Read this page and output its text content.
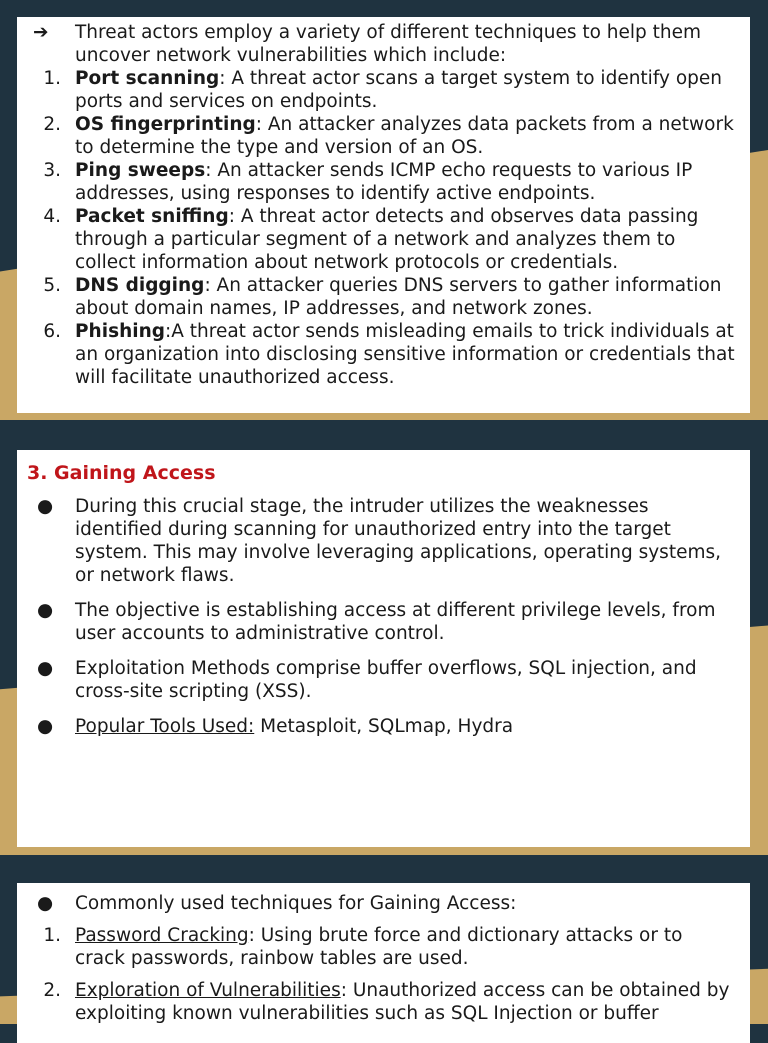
➔	Threat actors employ a variety of different techniques to help them uncover network vulnerabilities which include:
1. Port scanning: A threat actor scans a target system to identify open ports and services on endpoints.
2. OS fingerprinting: An attacker analyzes data packets from a network to determine the type and version of an OS.
3. Ping sweeps: An attacker sends ICMP echo requests to various IP addresses, using responses to identify active endpoints.
4. Packet sniffing: A threat actor detects and observes data passing through a particular segment of a network and analyzes them to collect information about network protocols or credentials.
5. DNS digging: An attacker queries DNS servers to gather information about domain names, IP addresses, and network zones.
6. Phishing:A threat actor sends misleading emails to trick individuals at an organization into disclosing sensitive information or credentials that will facilitate unauthorized access.
3. Gaining Access
●	During this crucial stage, the intruder utilizes the weaknesses identified during scanning for unauthorized entry into the target system. This may involve leveraging applications, operating systems, or network flaws.
●	The objective is establishing access at different privilege levels, from user accounts to administrative control.
●	Exploitation Methods comprise buffer overflows, SQL injection, and cross-site scripting (XSS).
●	Popular Tools Used: Metasploit, SQLmap, Hydra
●	Commonly used techniques for Gaining Access:
1. Password Cracking: Using brute force and dictionary attacks or to crack passwords, rainbow tables are used.
2. Exploration of Vulnerabilities: Unauthorized access can be obtained by exploiting known vulnerabilities such as SQL Injection or buffer
